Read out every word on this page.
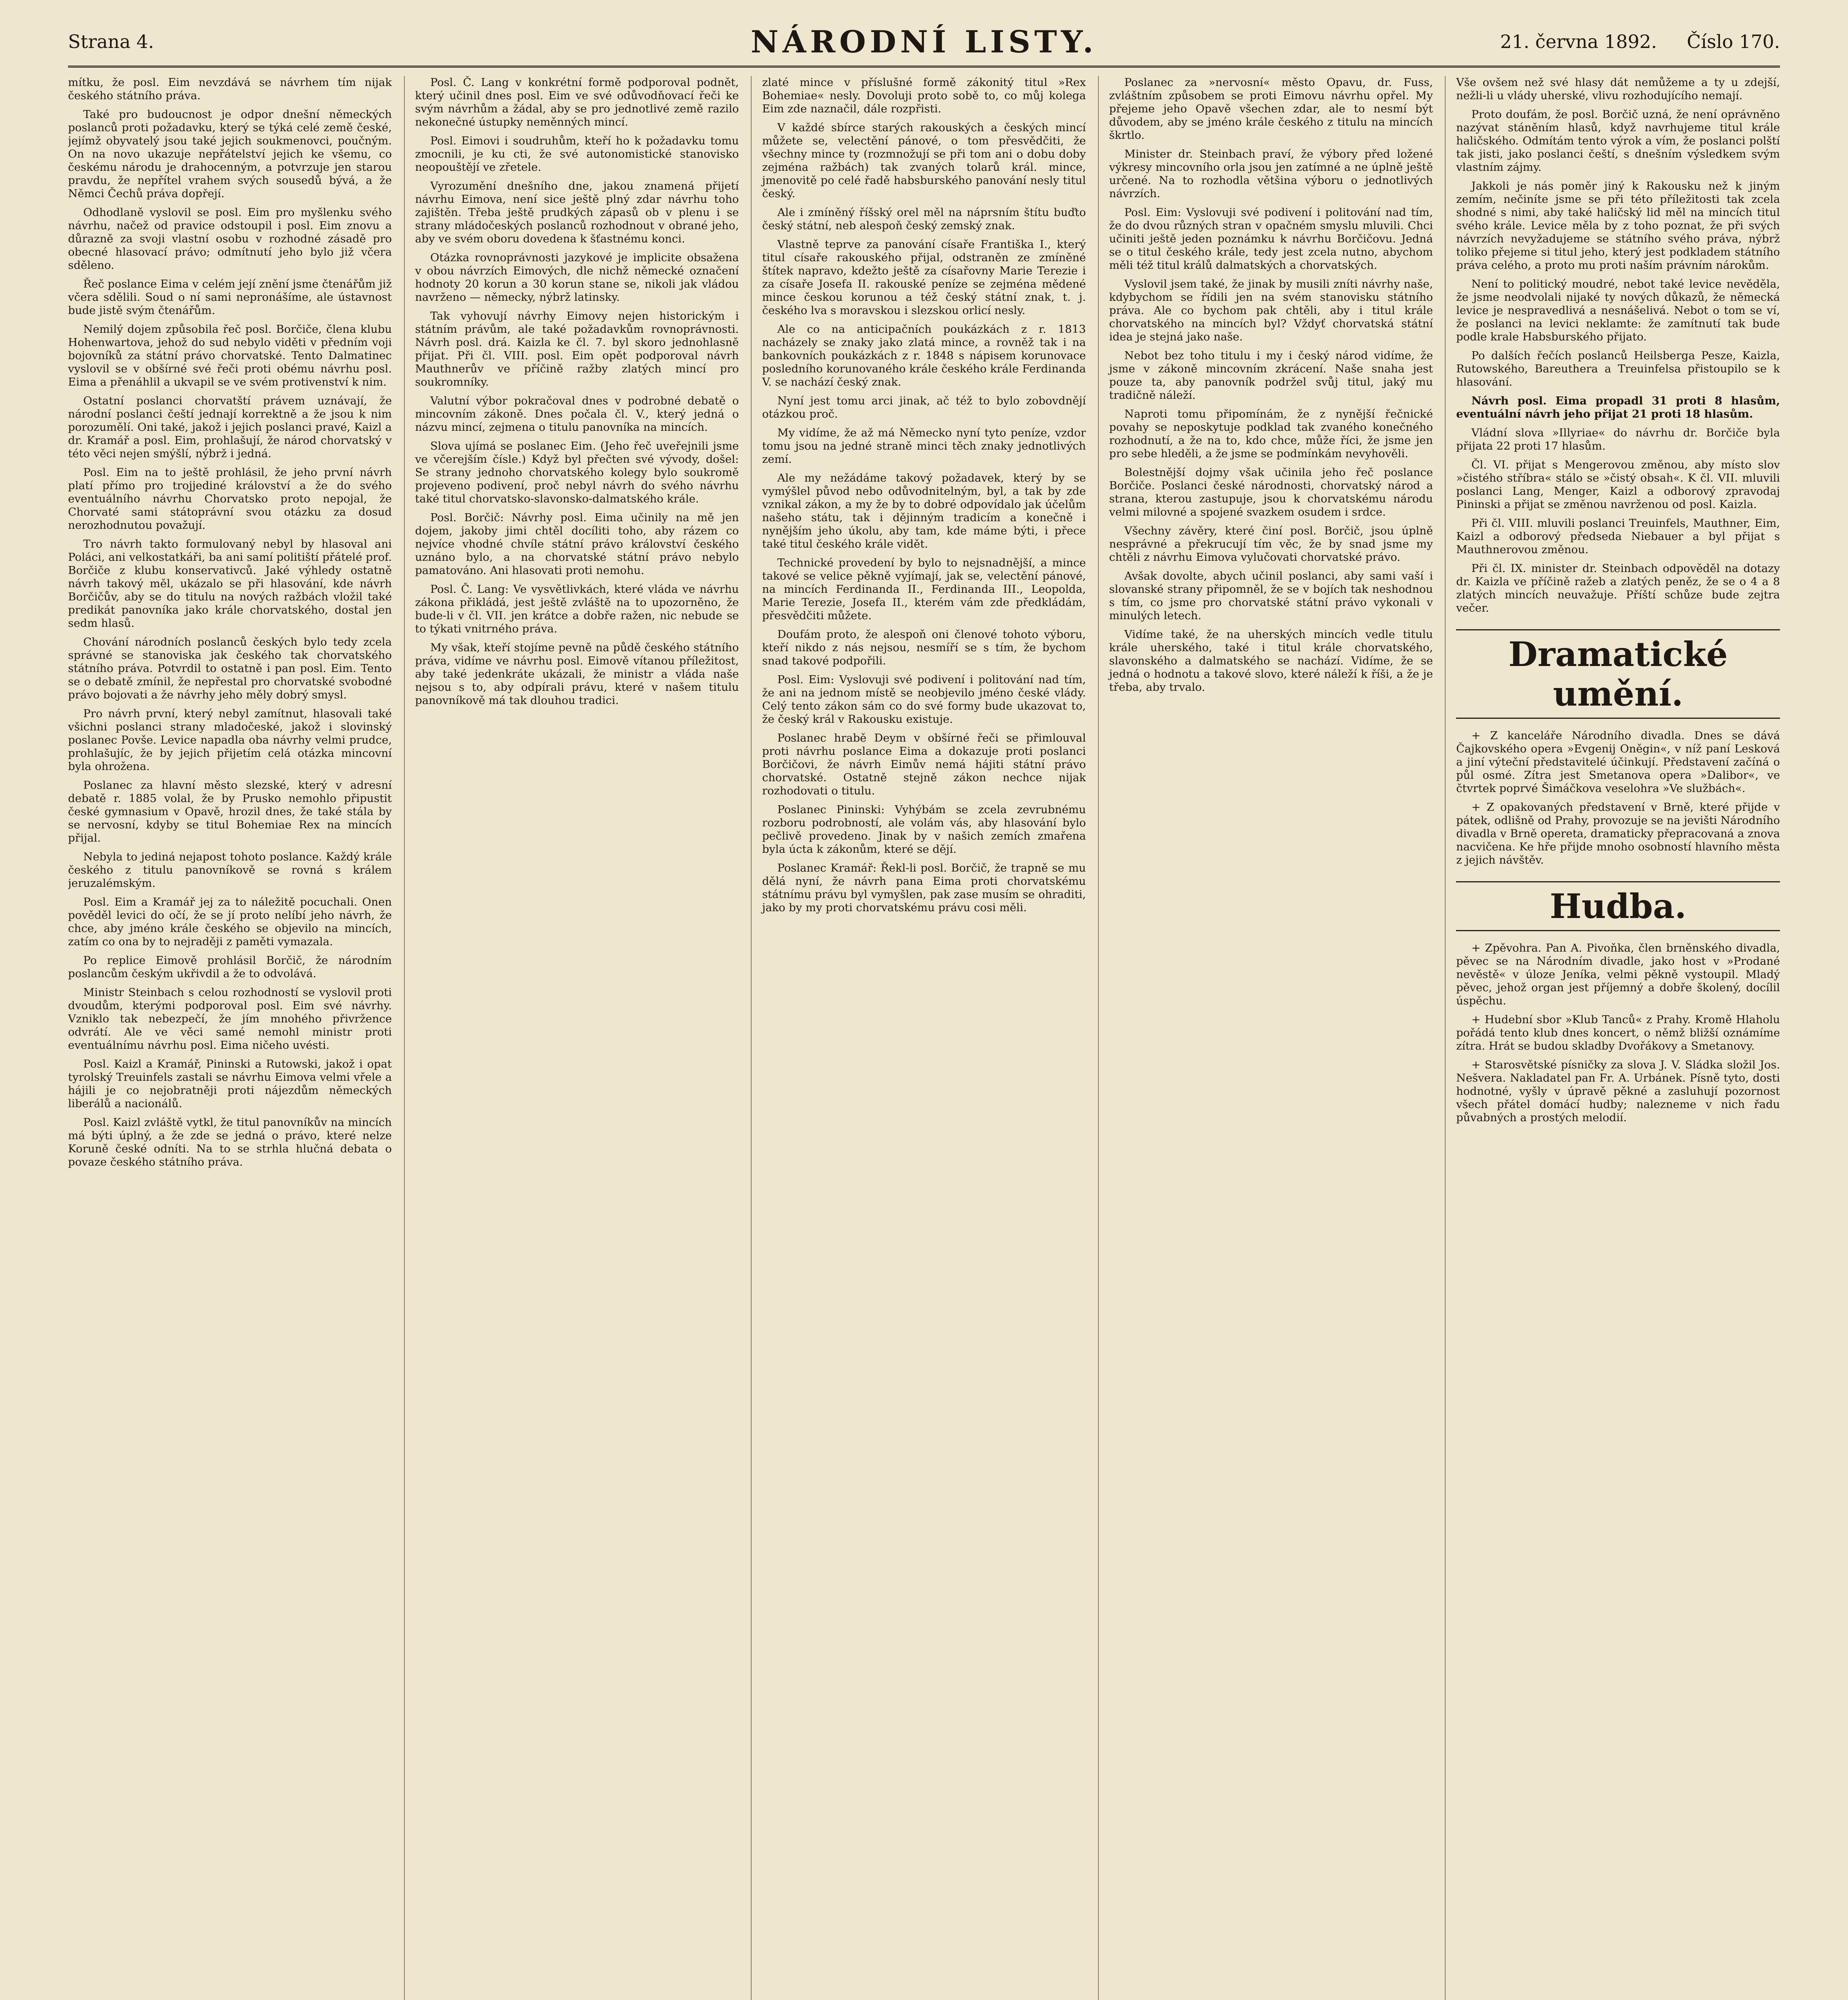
Strana 4.	NÁRODNÍ LISTY.	21. června 1892. Číslo 170.

mítku, že posl. Eim nevzdává se návrhem tím nijak českého státního práva.

Také pro budoucnost je odpor dnešní německých poslanců proti požadavku, který se týká celé země české, jejímž obyvatelý jsou také jejich soukmenovci, poučným. On na novo ukazuje nepřátelství jejich ke všemu, co českému národu je drahocenným, a potvrzuje jen starou pravdu, že nepřítel vrahem svých sousedů bývá, a že Němci Čechů práva dopřejí.

Odhodlaně vyslovil se posl. Eim pro myšlenku svého návrhu, načež od pravice odstoupil i posl. Eim znovu a důrazně za svoji vlastní osobu v rozhodné zásadě pro obecné hlasovací právo; odmítnutí jeho bylo již včera sděleno.

Řeč poslance Eima v celém její znění jsme čtenářům již včera sdělili. Soud o ní sami nepronášíme, ale ústavnost bude jistě svým čtenářům.

Nemilý dojem způsobila řeč posl. Borčiče, člena klubu Hohenwartova, jehož do sud nebylo viděti v předním voji bojovníků za státní právo chorvatské. Tento Dalmatinec vyslovil se v obšírné své řeči proti obému návrhu posl. Eima a přenáhlil a ukvapil se ve svém protivenství k nim.

Ostatní poslanci chorvatští právem uznávají, že národní poslanci čeští jednají korrektně a že jsou k nim porozumělí. Oni také, jakož i jejich poslanci pravé, Kaizl a dr. Kramář a posl. Eim, prohlašují, že národ chorvatský v této věci nejen smýšlí, nýbrž i jedná.

Posl. Eim na to ještě prohlásil, že jeho první návrh platí přímo pro trojjediné království a že do svého eventuálního návrhu Chorvatsko proto nepojal, že Chorvaté sami státoprávní svou otázku za dosud nerozhodnutou považují.

Tro návrh takto formulovaný nebyl by hlasoval ani Poláci, ani velkostatkáři, ba ani samí politiští přátelé prof. Borčiče z klubu konservativců. Jaké výhledy ostatně návrh takový měl, ukázalo se při hlasování, kde návrh Borčičův, aby se do titulu na nových ražbách vložil také predikát panovníka jako krále chorvatského, dostal jen sedm hlasů.

Chování národních poslanců českých bylo tedy zcela správné se stanoviska jak českého tak chorvatského státního práva. Potvrdil to ostatně i pan posl. Eim. Tento se o debatě zmínil, že nepřestal pro chorvatské svobodné právo bojovati a že návrhy jeho měly dobrý smysl.

Pro návrh první, který nebyl zamítnut, hlasovali také všichni poslanci strany mladočeské, jakož i slovinský poslanec Povše. Levice napadla oba návrhy velmi prudce, prohlašujíc, že by jejich přijetím celá otázka mincovní byla ohrožena.

Poslanec za hlavní město slezské, který v adresní debatě r. 1885 volal, že by Prusko nemohlo připustit české gymnasium v Opavě, hrozil dnes, že také stála by se nervosní, kdyby se titul Bohemiae Rex na mincích přijal.

Nebyla to jediná nejapost tohoto poslance. Každý krále českého z titulu panovníkově se rovná s králem jeruzalémským.

Posl. Eim a Kramář jej za to náležitě pocuchali. Onen pověděl levici do očí, že se jí proto nelíbí jeho návrh, že chce, aby jméno krále českého se objevilo na mincích, zatím co ona by to nejraději z paměti vymazala.

Po replice Eimově prohlásil Borčič, že národním poslancům českým ukřivdil a že to odvolává.

Ministr Steinbach s celou rozhodností se vyslovil proti dvoudům, kterými podporoval posl. Eim své návrhy. Vzniklo tak nebezpečí, že jím mnohého přivržence odvrátí. Ale ve věci samé nemohl ministr proti eventuálnímu návrhu posl. Eima ničeho uvésti.

Posl. Kaizl a Kramář, Pininski a Rutowski, jakož i opat tyrolský Treuinfels zastali se návrhu Eimova velmi vřele a hájili je co nejobratněji proti nájezdům německých liberálů a nacionálů.

Posl. Kaizl zvláště vytkl, že titul panovníkův na mincích má býti úplný, a že zde se jedná o právo, které nelze Koruně české odníti. Na to se strhla hlučná debata o povaze českého státního práva.

Posl. Č. Lang v konkrétní formě podporoval podnět, který učinil dnes posl. Eim ve své odůvodňovací řeči ke svým návrhům a žádal, aby se pro jednotlivé země razilo nekonečné ústupky neměnných mincí.

Posl. Eimovi i soudruhům, kteří ho k požadavku tomu zmocnili, je ku cti, že své autonomistické stanovisko neopouštějí ve zřetele.

Vyrozumění dnešního dne, jakou znamená přijetí návrhu Eimova, není sice ještě plný zdar návrhu toho zajištěn. Třeba ještě prudkých zápasů ob v plenu i se strany mládočeských poslanců rozhodnout v obrané jeho, aby ve svém oboru dovedena k šťastnému konci.

Otázka rovnoprávnosti jazykové je implicite obsažena v obou návrzích Eimových, dle nichž německé označení hodnoty 20 korun a 30 korun stane se, nikoli jak vládou navrženo — německy, nýbrž latinsky.

Tak vyhovují návrhy Eimovy nejen historickým i státním právům, ale také požadavkům rovnoprávnosti. Návrh posl. drá. Kaizla ke čl. 7. byl skoro jednohlasně přijat. Při čl. VIII. posl. Eim opět podporoval návrh Mauthnerův ve příčině ražby zlatých mincí pro soukromníky.

Valutní výbor pokračoval dnes v podrobné debatě o mincovním zákoně. Dnes počala čl. V., který jedná o názvu mincí, zejmena o titulu panovníka na mincích.

Slova ujímá se poslanec Eim. (Jeho řeč uveřejnili jsme ve včerejším čísle.) Když byl přečten své vývody, došel: Se strany jednoho chorvatského kolegy bylo soukromě projeveno podivení, proč nebyl návrh do svého návrhu také titul chorvatsko-slavonsko-dalmatského krále.

Posl. Borčič: Návrhy posl. Eima učinily na mě jen dojem, jakoby jimi chtěl docíliti toho, aby rázem co nejvíce vhodné chvíle státní právo království českého uznáno bylo, a na chorvatské státní právo nebylo pamatováno. Ani hlasovati proti nemohu.

Posl. Č. Lang: Ve vysvětlivkách, které vláda ve návrhu zákona přikládá, jest ještě zvláště na to upozorněno, že bude-li v čl. VII. jen krátce a dobře ražen, nic nebude se to týkati vnitrného práva.

My však, kteří stojíme pevně na půdě českého státního práva, vidíme ve návrhu posl. Eimově vítanou příležitost, aby také jedenkráte ukázali, že ministr a vláda naše nejsou s to, aby odpírali právu, které v našem titulu panovníkově má tak dlouhou tradici.

zlaté mince v příslušné formě zákonitý titul »Rex Bohemiae« nesly. Dovoluji proto sobě to, co můj kolega Eim zde naznačil, dále rozpřisti.

V každé sbírce starých rakouských a českých mincí můžete se, velectění pánové, o tom přesvědčiti, že všechny mince ty (rozmnožují se při tom ani o dobu doby zejména ražbách) tak zvaných tolarů král. mince, jmenovitě po celé řadě habsburského panování nesly titul český.

Ale i zmíněný říšský orel měl na náprsním štítu buďto český státní, neb alespoň český zemský znak.

Vlastně teprve za panování císaře Františka I., který titul císaře rakouského přijal, odstraněn ze zmíněné štítek napravo, kdežto ještě za císařovny Marie Terezie i za císaře Josefa II. rakouské peníze se zejména mědené mince českou korunou a též český státní znak, t. j. českého lva s moravskou i slezskou orlicí nesly.

Ale co na anticipačních poukázkách z r. 1813 nacházely se znaky jako zlatá mince, a rovněž tak i na bankovních poukázkách z r. 1848 s nápisem korunovace posledního korunovaného krále českého krále Ferdinanda V. se nachází český znak.

Nyní jest tomu arci jinak, ač též to bylo zobovdnějí otázkou proč.

My vidíme, že až má Německo nyní tyto peníze, vzdor tomu jsou na jedné straně minci těch znaky jednotlivých zemí.

Ale my nežádáme takový požadavek, který by se vymýšlel původ nebo odůvodnitelným, byl, a tak by zde vznikal zákon, a my že by to dobré odpovídalo jak účelům našeho státu, tak i dějinným tradicím a konečně i nynějším jeho úkolu, aby tam, kde máme býti, i přece také titul českého krále vidět.

Technické provedení by bylo to nejsnadnější, a mince takové se velice pěkně vyjímají, jak se, velectění pánové, na mincích Ferdinanda II., Ferdinanda III., Leopolda, Marie Terezie, Josefa II., kterém vám zde předkládám, přesvědčiti můžete.

Doufám proto, že alespoň oni členové tohoto výboru, kteří nikdo z nás nejsou, nesmíří se s tím, že bychom snad takové podpořili.

Posl. Eim: Vyslovuji své podivení i politování nad tím, že ani na jednom místě se neobjevilo jméno české vlády. Celý tento zákon sám co do své formy bude ukazovat to, že český král v Rakousku existuje.

Poslanec hrabě Deym v obšírné řeči se přimlouval proti návrhu poslance Eima a dokazuje proti poslanci Borčičovi, že návrh Eimův nemá hájiti státní právo chorvatské. Ostatně stejně zákon nechce nijak rozhodovati o titulu.

Poslanec Pininski: Vyhýbám se zcela zevrubnému rozboru podrobností, ale volám vás, aby hlasování bylo pečlivě provedeno. Jinak by v našich zemích zmařena byla úcta k zákonům, které se dějí.

Poslanec Kramář: Řekl-li posl. Borčič, že trapně se mu dělá nyní, že návrh pana Eima proti chorvatskému státnímu právu byl vymyšlen, pak zase musím se ohraditi, jako by my proti chorvatskému právu cosi měli.

Poslanec za »nervosní« město Opavu, dr. Fuss, zvláštním způsobem se proti Eimovu návrhu opřel. My přejeme jeho Opavě všechen zdar, ale to nesmí být důvodem, aby se jméno krále českého z titulu na mincích škrtlo.

Minister dr. Steinbach praví, že výbory před ložené výkresy mincovního orla jsou jen zatímné a ne úplně ještě určené. Na to rozhodla většina výboru o jednotlivých návrzích.

Posl. Eim: Vyslovuji své podivení i politování nad tím, že do dvou různých stran v opačném smyslu mluvili. Chci učiniti ještě jeden poznámku k návrhu Borčičovu. Jedná se o titul českého krále, tedy jest zcela nutno, abychom měli též titul králů dalmatských a chorvatských.

Vyslovil jsem také, že jinak by musili zníti návrhy naše, kdybychom se řídili jen na svém stanovisku státního práva. Ale co bychom pak chtěli, aby i titul krále chorvatského na mincích byl? Vždyť chorvatská státní idea je stejná jako naše.

Nebot bez toho titulu i my i český národ vidíme, že jsme v zákoně mincovním zkrácení. Naše snaha jest pouze ta, aby panovník podržel svůj titul, jaký mu tradičně náleží.

Naproti tomu připomínám, že z nynější řečnické povahy se neposkytuje podklad tak zvaného konečného rozhodnutí, a že na to, kdo chce, může říci, že jsme jen pro sebe hleděli, a že jsme se podmínkám nevyhověli.

Bolestnější dojmy však učinila jeho řeč poslance Borčiče. Poslanci české národnosti, chorvatský národ a strana, kterou zastupuje, jsou k chorvatskému národu velmi milovné a spojené svazkem osudem i srdce.

Všechny závěry, které činí posl. Borčič, jsou úplně nesprávné a překrucují tím věc, že by snad jsme my chtěli z návrhu Eimova vylučovati chorvatské právo.

Avšak dovolte, abych učinil poslanci, aby sami vaší i slovanské strany připomněl, že se v bojích tak neshodnou s tím, co jsme pro chorvatské státní právo vykonali v minulých letech.

Vidíme také, že na uherských mincích vedle titulu krále uherského, také i titul krále chorvatského, slavonského a dalmatského se nachází. Vidíme, že se jedná o hodnotu a takové slovo, které náleží k říši, a že je třeba, aby trvalo.

Vše ovšem než své hlasy dát nemůžeme a ty u zdejší, nežli-li u vlády uherské, vlivu rozhodujícího nemají.

Proto doufám, že posl. Borčič uzná, že není oprávněno nazývat stáněním hlasů, když navrhujeme titul krále haličského. Odmítám tento výrok a vím, že poslanci polští tak jisti, jako poslanci čeští, s dnešním výsledkem svým vlastním zájmy.

Jakkoli je nás poměr jiný k Rakousku než k jiným zemím, nečiníte jsme se při této příležitosti tak zcela shodné s nimi, aby také haličský lid měl na mincích titul svého krále. Levice měla by z toho poznat, že při svých návrzích nevyžadujeme se státního svého práva, nýbrž toliko přejeme si titul jeho, který jest podkladem státního práva celého, a proto mu proti naším právním nárokům.

Není to politický moudré, nebot také levice nevěděla, že jsme neodvolali nijaké ty nových důkazů, že německá levice je nespravedlivá a nesnášelivá. Nebot o tom se ví, že poslanci na levici neklamte: že zamítnutí tak bude podle krale Habsburského přijato.

Po dalších řečích poslanců Heilsberga Pesze, Kaizla, Rutowského, Bareuthera a Treuinfelsa přistoupilo se k hlasování.

Návrh posl. Eima propadl 31 proti 8 hlasům, eventuální návrh jeho přijat 21 proti 18 hlasům.

Vládní slova »Illyriae« do návrhu dr. Borčiče byla přijata 22 proti 17 hlasům.

Čl. VI. přijat s Mengerovou změnou, aby místo slov »čistého stříbra« stálo se »čistý obsah«. K čl. VII. mluvili poslanci Lang, Menger, Kaizl a odborový zpravodaj Pininski a přijat se změnou navrženou od posl. Kaizla.

Při čl. VIII. mluvili poslanci Treuinfels, Mauthner, Eim, Kaizl a odborový předseda Niebauer a byl přijat s Mauthnerovou změnou.

Při čl. IX. minister dr. Steinbach odpověděl na dotazy dr. Kaizla ve příčině ražeb a zlatých peněz, že se o 4 a 8 zlatých mincích neuvažuje. Příští schůze bude zejtra večer.

Dramatické umění.

+ Z kanceláře Národního divadla. Dnes se dává Čajkovského opera »Evgenij Oněgin«, v níž paní Lesková a jiní výteční představitelé účinkují. Představení začíná o půl osmé. Zítra jest Smetanova opera »Dalibor«, ve čtvrtek poprvé Šimáčkova veselohra »Ve službách«.

+ Z opakovaných představení v Brně, které přijde v pátek, odlišně od Prahy, provozuje se na jevišti Národního divadla v Brně opereta, dramaticky přepracovaná a znova nacvičena. Ke hře přijde mnoho osobností hlavního města z jejich návštěv.

Hudba.

+ Zpěvohra. Pan A. Pivoňka, člen brněnského divadla, pěvec se na Národním divadle, jako host v »Prodané nevěstě« v úloze Jeníka, velmi pěkně vystoupil. Mladý pěvec, jehož organ jest příjemný a dobře školený, docílil úspěchu.

+ Hudební sbor »Klub Tanců« z Prahy. Kromě Hlaholu pořádá tento klub dnes koncert, o němž bližší oznámíme zítra. Hrát se budou skladby Dvořákovy a Smetanovy.

+ Starosvětské písničky za slova J. V. Sládka složil Jos. Nešvera. Nakladatel pan Fr. A. Urbánek. Písně tyto, dosti hodnotné, vyšly v úpravě pěkné a zasluhují pozornost všech přátel domácí hudby; nalezneme v nich řadu půvabných a prostých melodií.
